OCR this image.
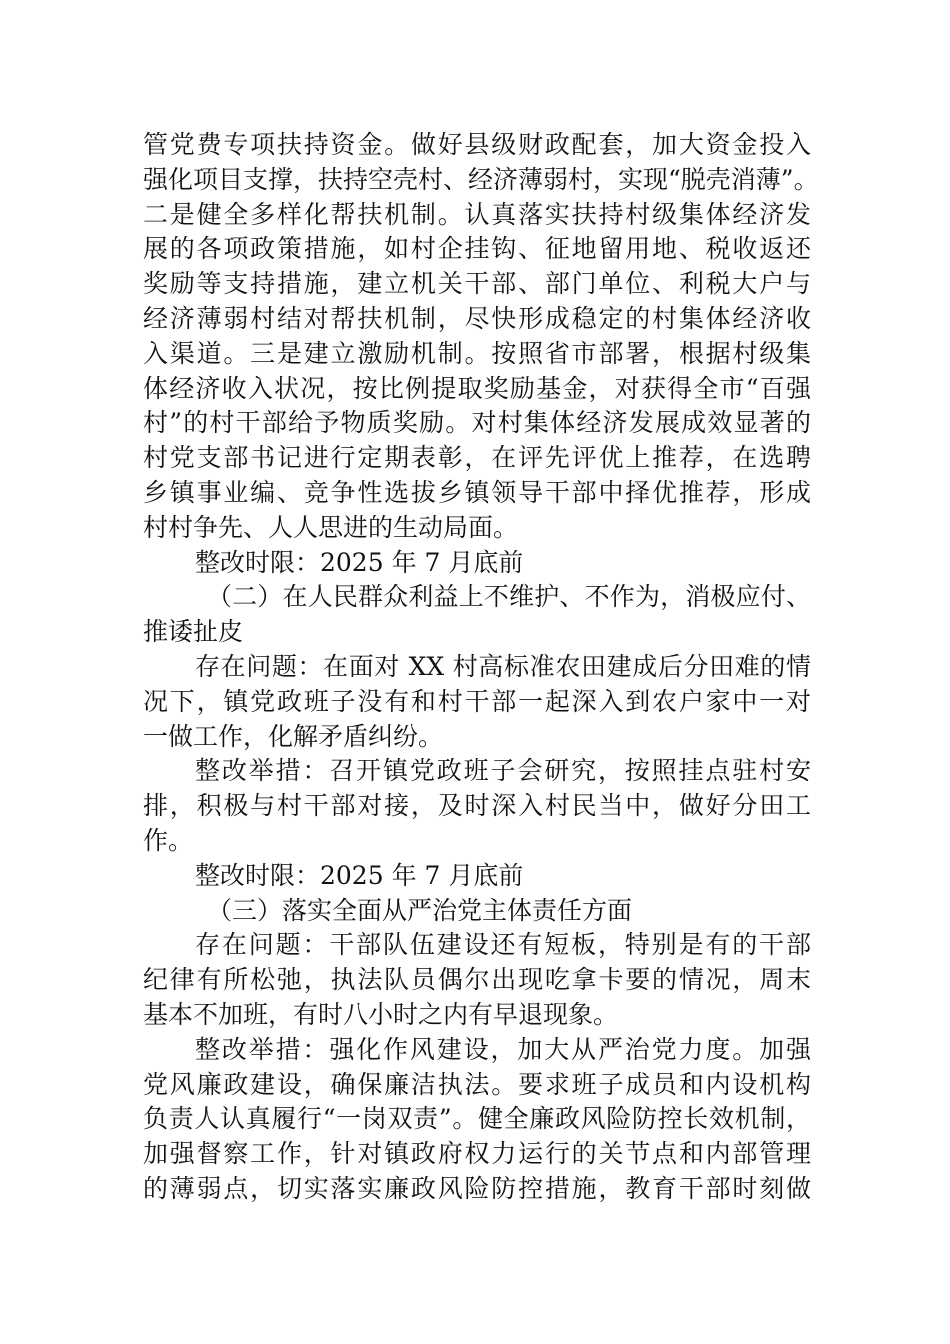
管党费专项扶持资金。做好县级财政配套，加大资金投入
强化项目支撑，扶持空壳村、经济薄弱村，实现“脱壳消薄”。
二是健全多样化帮扶机制。认真落实扶持村级集体经济发
展的各项政策措施，如村企挂钩、征地留用地、税收返还
奖励等支持措施，建立机关干部、部门单位、利税大户与
经济薄弱村结对帮扶机制，尽快形成稳定的村集体经济收
入渠道。三是建立激励机制。按照省市部署，根据村级集
体经济收入状况，按比例提取奖励基金，对获得全市“百强
村”的村干部给予物质奖励。对村集体经济发展成效显著的
村党支部书记进行定期表彰，在评先评优上推荐，在选聘
乡镇事业编、竞争性选拔乡镇领导干部中择优推荐，形成
村村争先、人人思进的生动局面。
整改时限：2025 年 7 月底前
（二）在人民群众利益上不维护、不作为，消极应付、
推诿扯皮
存在问题：在面对 XX 村高标准农田建成后分田难的情
况下，镇党政班子没有和村干部一起深入到农户家中一对
一做工作，化解矛盾纠纷。
整改举措：召开镇党政班子会研究，按照挂点驻村安
排，积极与村干部对接，及时深入村民当中，做好分田工
作。
整改时限：2025 年 7 月底前
（三）落实全面从严治党主体责任方面
存在问题：干部队伍建设还有短板，特别是有的干部
纪律有所松弛，执法队员偶尔出现吃拿卡要的情况，周末
基本不加班，有时八小时之内有早退现象。
整改举措：强化作风建设，加大从严治党力度。加强
党风廉政建设，确保廉洁执法。要求班子成员和内设机构
负责人认真履行“一岗双责”。健全廉政风险防控长效机制，
加强督察工作，针对镇政府权力运行的关节点和内部管理
的薄弱点，切实落实廉政风险防控措施，教育干部时刻做
